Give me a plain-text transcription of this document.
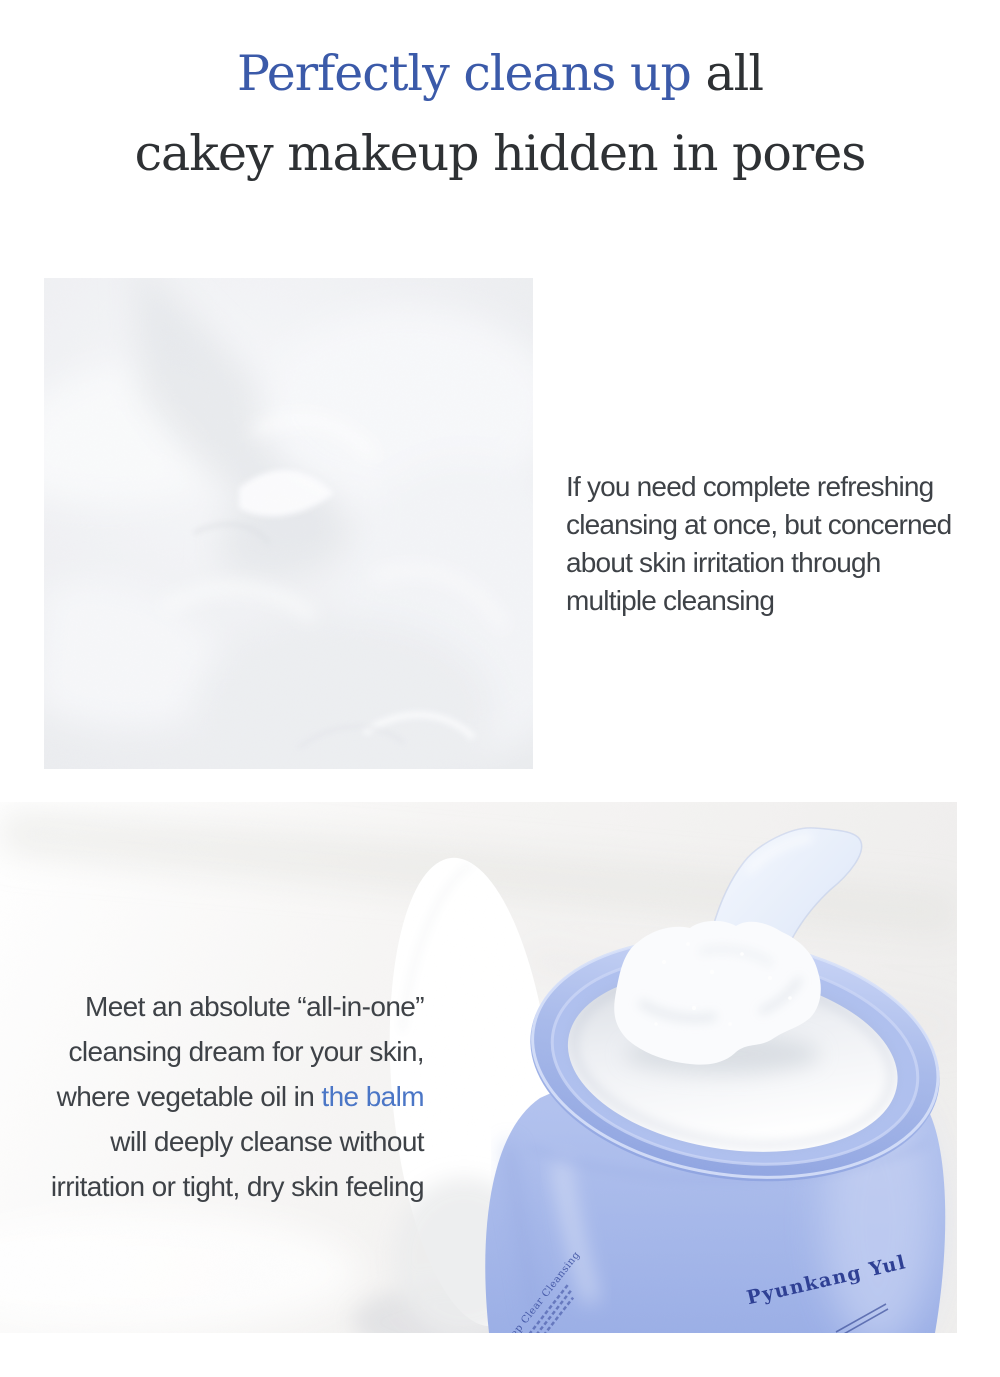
Perfectly cleans up all
cakey makeup hidden in pores

If you need complete refreshing
cleansing at once, but concerned
about skin irritation through
multiple cleansing

Meet an absolute “all-in-one”
cleansing dream for your skin,
where vegetable oil in the balm
will deeply cleanse without
irritation or tight, dry skin feeling
